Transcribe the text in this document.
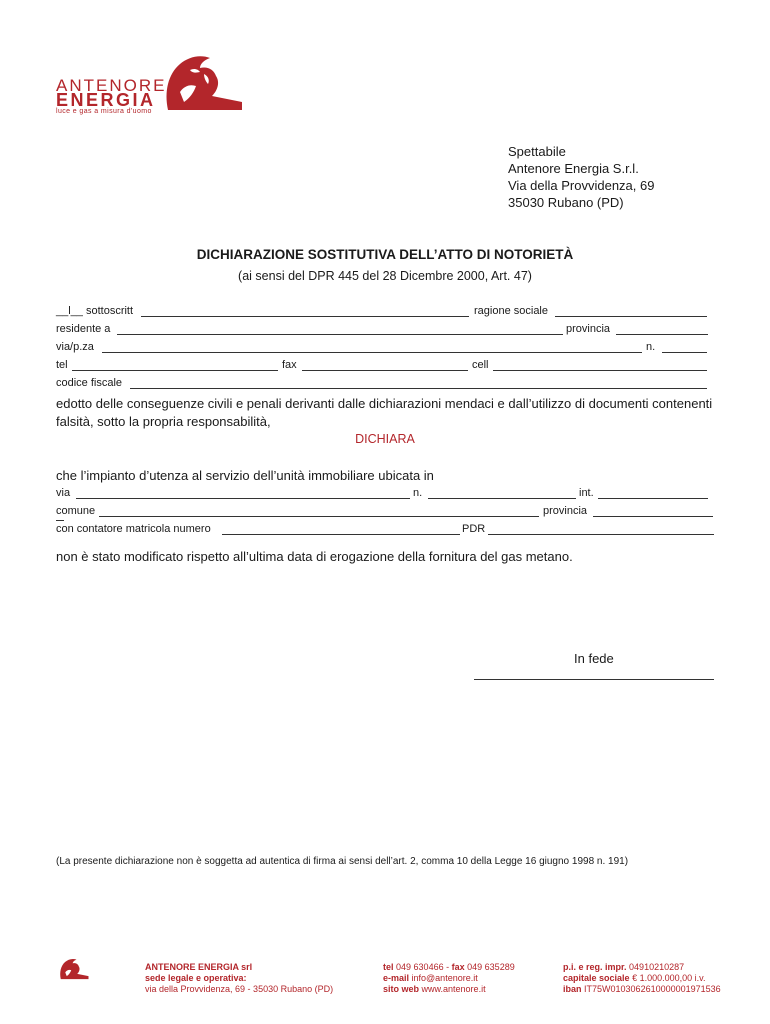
ANTENORE
ENERGIA
luce e gas a misura d'uomo
Spettabile
Antenore Energia S.r.l.
Via della Provvidenza, 69
35030 Rubano (PD)
DICHIARAZIONE SOSTITUTIVA DELL’ATTO DI NOTORIETÀ
(ai sensi del DPR 445 del 28 Dicembre 2000, Art. 47)
__l__ sottoscritt	ragione sociale
residente a	provincia
via/p.za	n.
tel	fax	cell
codice fiscale
edotto delle conseguenze civili e penali derivanti dalle dichiarazioni mendaci e dall’utilizzo di documenti contenenti falsità, sotto la propria responsabilità,
DICHIARA
che l’impianto d’utenza al servizio dell’unità immobiliare ubicata in
via	n.	int.
comune	provincia
con contatore matricola numero	PDR
non è stato modificato rispetto all’ultima data di erogazione della fornitura del gas metano.
In fede
(La presente dichiarazione non è soggetta ad autentica di firma ai sensi dell’art. 2, comma 10 della Legge 16 giugno 1998 n. 191)
ANTENORE ENERGIA srl
sede legale e operativa:
via della Provvidenza, 69 - 35030 Rubano (PD)
tel 049 630466 - fax 049 635289
e-mail info@antenore.it
sito web www.antenore.it
p.i. e reg. impr. 04910210287
capitale sociale € 1.000.000,00 i.v.
iban IT75W0103062610000001971536
